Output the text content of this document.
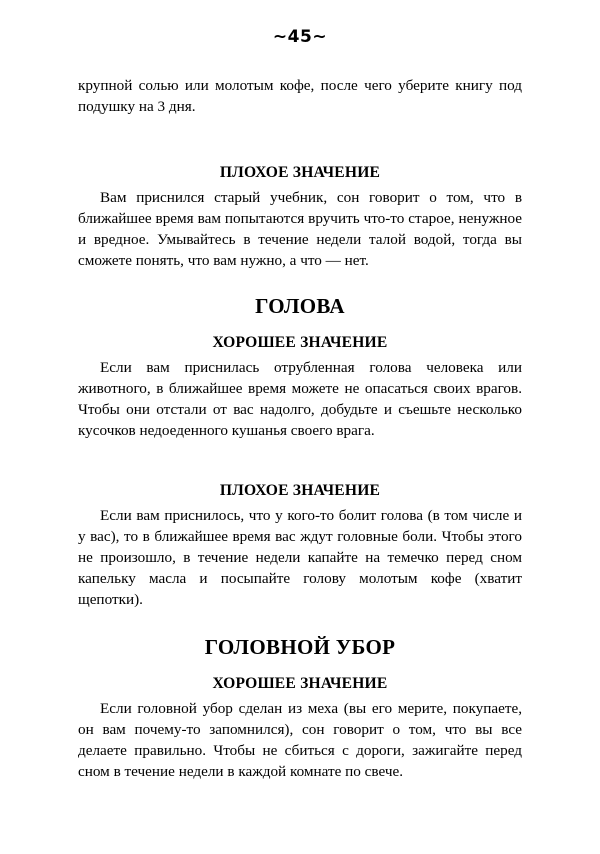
~45~

крупной солью или молотым кофе, после чего уберите книгу под подушку на 3 дня.

ПЛОХОЕ ЗНАЧЕНИЕ

Вам приснился старый учебник, сон говорит о том, что в ближайшее время вам попытаются вручить что-то старое, ненужное и вредное. Умывайтесь в течение недели талой водой, тогда вы сможете понять, что вам нужно, а что — нет.

ГОЛОВА
ХОРОШЕЕ ЗНАЧЕНИЕ

Если вам приснилась отрубленная голова человека или животного, в ближайшее время можете не опасаться своих врагов. Чтобы они отстали от вас надолго, добудьте и съешьте несколько кусочков недоеденного кушанья своего врага.

ПЛОХОЕ ЗНАЧЕНИЕ

Если вам приснилось, что у кого-то болит голова (в том числе и у вас), то в ближайшее время вас ждут головные боли. Чтобы этого не произошло, в течение недели капайте на темечко перед сном капельку масла и посыпайте голову молотым кофе (хватит щепотки).

ГОЛОВНОЙ УБОР
ХОРОШЕЕ ЗНАЧЕНИЕ

Если головной убор сделан из меха (вы его мерите, покупаете, он вам почему-то запомнился), сон говорит о том, что вы все делаете правильно. Чтобы не сбиться с дороги, зажигайте перед сном в течение недели в каждой комнате по свече.
